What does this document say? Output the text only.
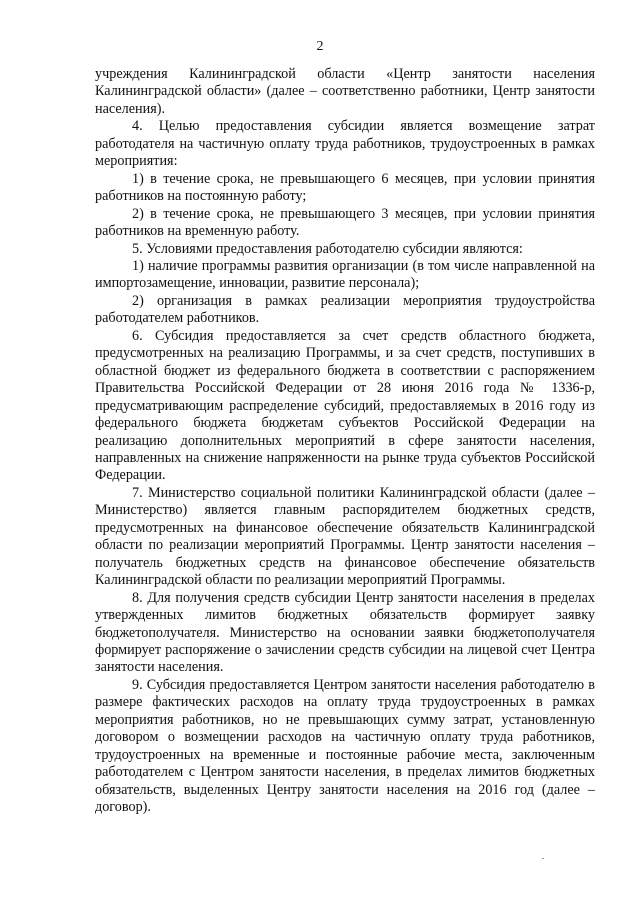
2

учреждения Калининградской области «Центр занятости населения Калининградской области» (далее – соответственно работники, Центр занятости населения).

4. Целью предоставления субсидии является возмещение затрат работодателя на частичную оплату труда работников, трудоустроенных в рамках мероприятия:

1) в течение срока, не превышающего 6 месяцев, при условии принятия работников на постоянную работу;

2) в течение срока, не превышающего 3 месяцев, при условии принятия работников на временную работу.

5. Условиями предоставления работодателю субсидии являются:

1) наличие программы развития организации (в том числе направленной на импортозамещение, инновации, развитие персонала);

2) организация в рамках реализации мероприятия трудоустройства работодателем работников.

6. Субсидия предоставляется за счет средств областного бюджета, предусмотренных на реализацию Программы, и за счет средств, поступивших в областной бюджет из федерального бюджета в соответствии с распоряжением Правительства Российской Федерации от 28 июня 2016 года № 1336-р, предусматривающим распределение субсидий, предоставляемых в 2016 году из федерального бюджета бюджетам субъектов Российской Федерации на реализацию дополнительных мероприятий в сфере занятости населения, направленных на снижение напряженности на рынке труда субъектов Российской Федерации.

7. Министерство социальной политики Калининградской области (далее – Министерство) является главным распорядителем бюджетных средств, предусмотренных на финансовое обеспечение обязательств Калининградской области по реализации мероприятий Программы. Центр занятости населения – получатель бюджетных средств на финансовое обеспечение обязательств Калининградской области по реализации мероприятий Программы.

8. Для получения средств субсидии Центр занятости населения в пределах утвержденных лимитов бюджетных обязательств формирует заявку бюджетополучателя. Министерство на основании заявки бюджетополучателя формирует распоряжение о зачислении средств субсидии на лицевой счет Центра занятости населения.

9. Субсидия предоставляется Центром занятости населения работодателю в размере фактических расходов на оплату труда трудоустроенных в рамках мероприятия работников, но не превышающих сумму затрат, установленную договором о возмещении расходов на частичную оплату труда работников, трудоустроенных на временные и постоянные рабочие места, заключенным работодателем с Центром занятости населения, в пределах лимитов бюджетных обязательств, выделенных Центру занятости населения на 2016 год (далее – договор).
